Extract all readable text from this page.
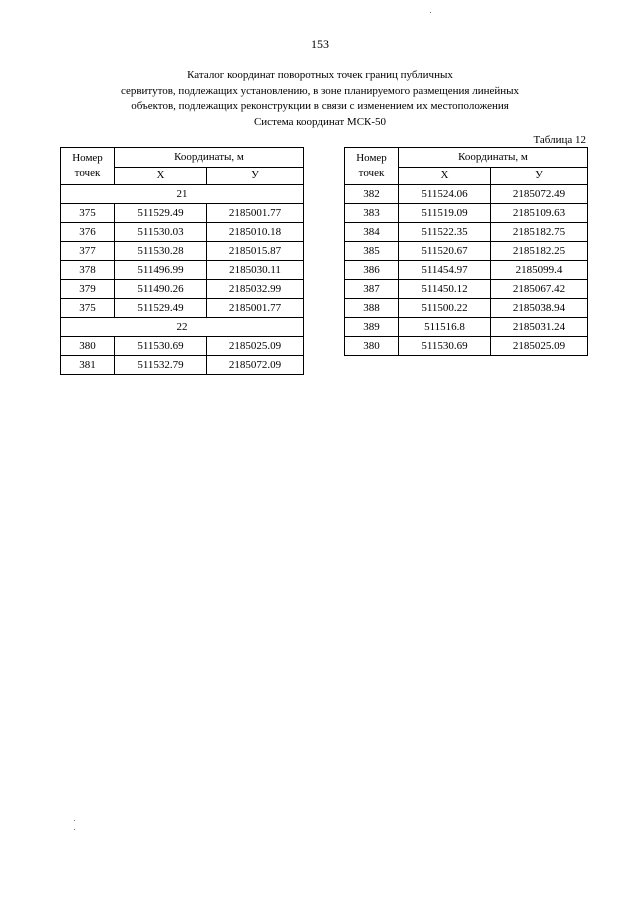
153
Каталог координат поворотных точек границ публичных
сервитутов, подлежащих установлению, в зоне планируемого размещения линейных
объектов, подлежащих реконструкции в связи с изменением их местоположения
Система координат МСК-50
Таблица 12
Номер точек	Координаты, м	
	X	У
21		
375	511529.49	2185001.77
376	511530.03	2185010.18
377	511530.28	2185015.87
378	511496.99	2185030.11
379	511490.26	2185032.99
375	511529.49	2185001.77
22		
380	511530.69	2185025.09
381	511532.79	2185072.09
Номер точек	Координаты, м	
	X	У
382	511524.06	2185072.49
383	511519.09	2185109.63
384	511522.35	2185182.75
385	511520.67	2185182.25
386	511454.97	2185099.4
387	511450.12	2185067.42
388	511500.22	2185038.94
389	511516.8	2185031.24
380	511530.69	2185025.09
